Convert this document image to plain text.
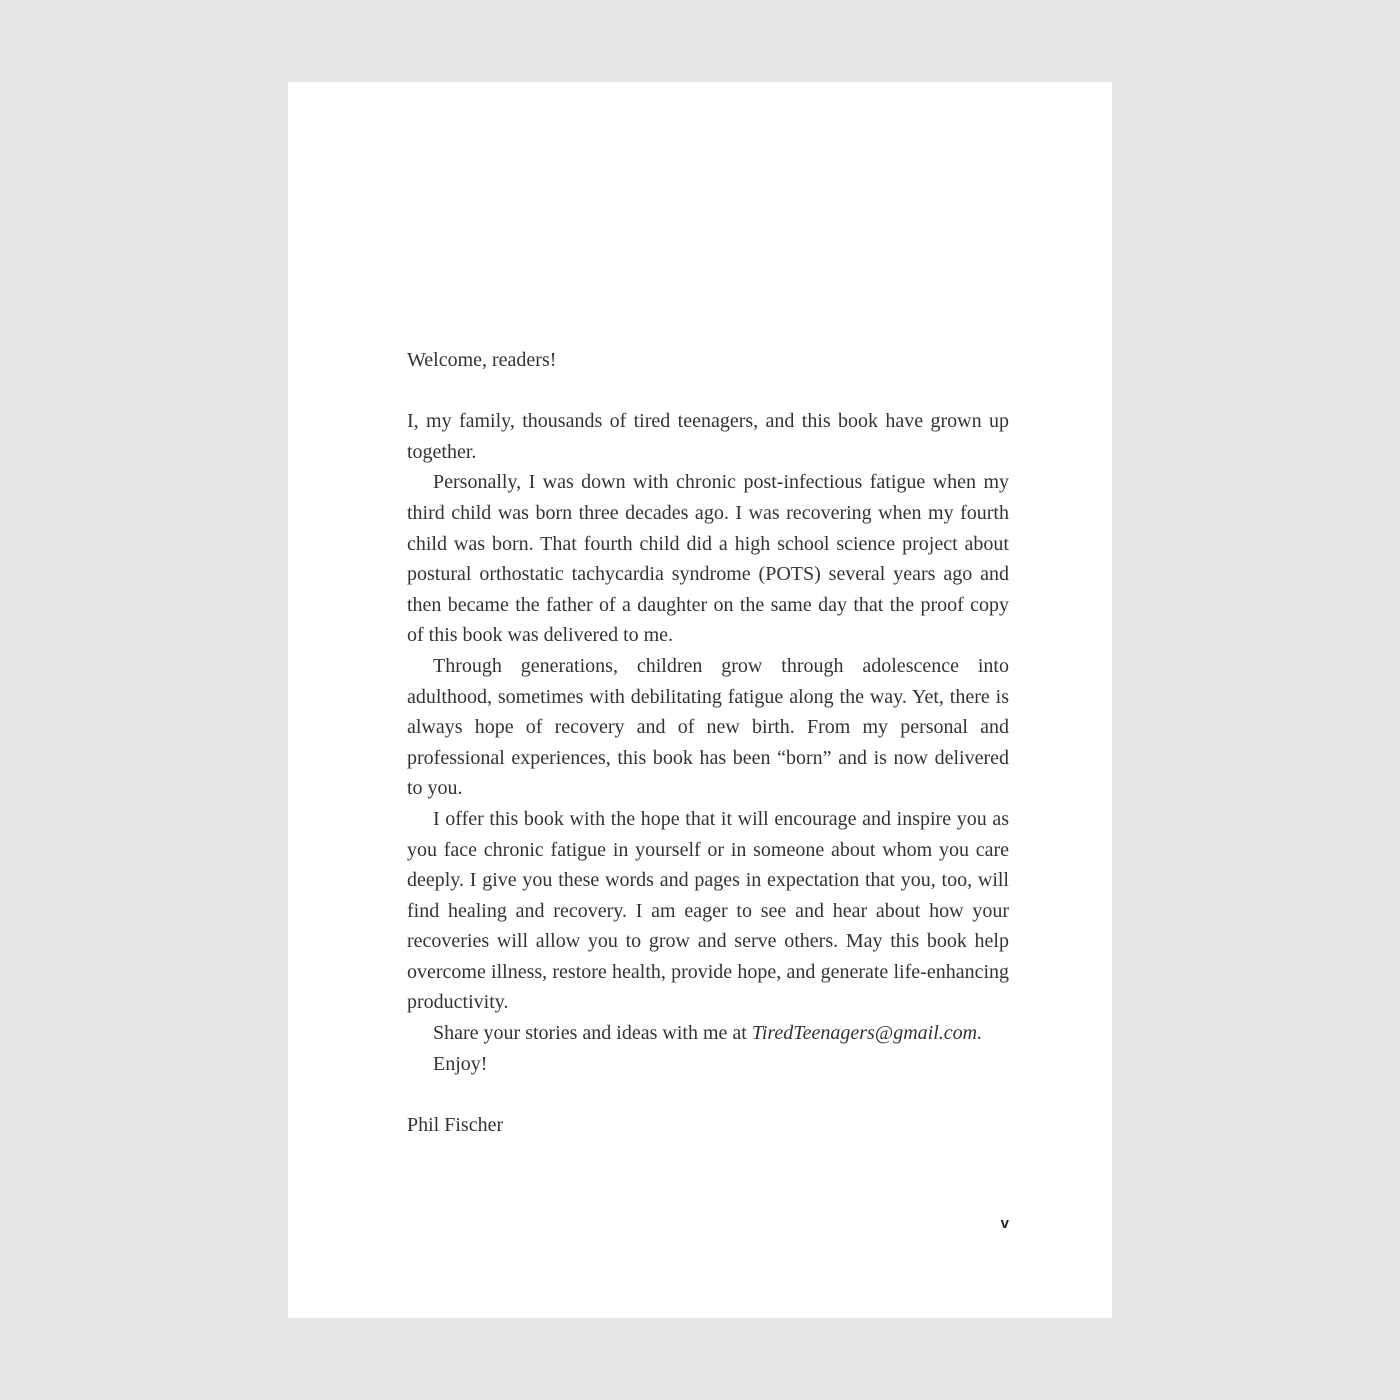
Welcome, readers!

I, my family, thousands of tired teenagers, and this book have grown up together.

Personally, I was down with chronic post-infectious fatigue when my third child was born three decades ago. I was recovering when my fourth child was born. That fourth child did a high school science project about postural orthostatic tachycardia syndrome (POTS) several years ago and then became the father of a daughter on the same day that the proof copy of this book was delivered to me.

Through generations, children grow through adolescence into adulthood, sometimes with debilitating fatigue along the way. Yet, there is always hope of recovery and of new birth. From my personal and professional experiences, this book has been “born” and is now delivered to you.

I offer this book with the hope that it will encourage and inspire you as you face chronic fatigue in yourself or in someone about whom you care deeply. I give you these words and pages in expectation that you, too, will find healing and recovery. I am eager to see and hear about how your recoveries will allow you to grow and serve others. May this book help overcome illness, restore health, provide hope, and generate life-enhancing productivity.

Share your stories and ideas with me at TiredTeenagers@gmail.com.

Enjoy!

Phil Fischer

v
